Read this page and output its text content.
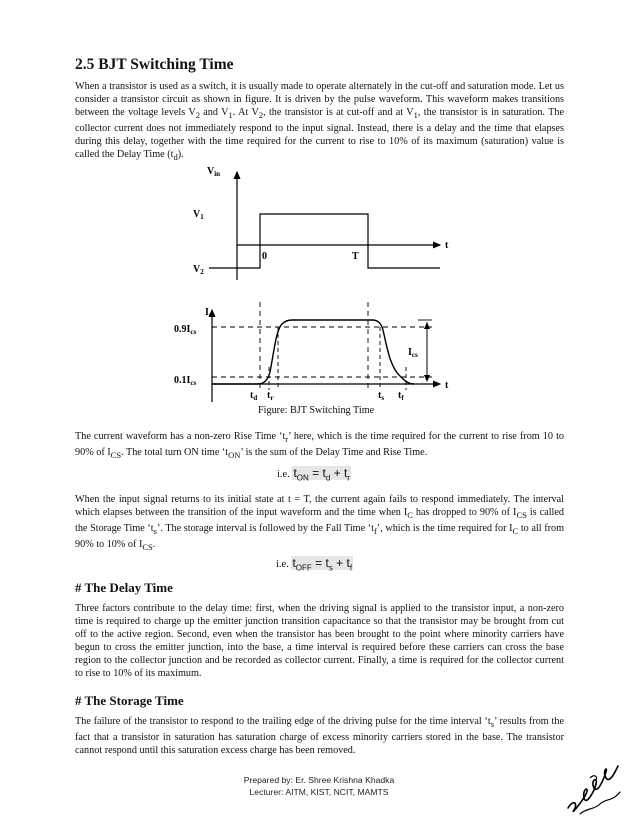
2.5 BJT Switching Time

When a transistor is used as a switch, it is usually made to operate alternately in the cut-off and saturation mode. Let us consider a transistor circuit as shown in figure. It is driven by the pulse waveform. This waveform makes transitions between the voltage levels $V_2$ and $V_1$. At $V_2$, the transistor is at cut-off and at $V_1$, the transistor is in saturation. The collector current does not immediately respond to the input signal. Instead, there is a delay and the time that elapses during this delay, together with the time required for the current to rise to 10% of its maximum (saturation) value is called the Delay Time $(t_d)$.

$V_{in}$
$V_1$
$V_2$
t
0	T
$I_c$
$0.9I_{cs}$
$0.1I_{cs}$
$I_{cs}$
t
$t_d$ $t_r$	$t_s$ $t_f$
Figure: BJT Switching Time

The current waveform has a non-zero Rise Time ‘$t_r$’ here, which is the time required for the current to rise from 10 to 90% of $I_{CS}$. The total turn ON time ‘$t_{ON}$’ is the sum of the Delay Time and Rise Time.

i.e. $t_{ON} = t_d + t_r$

When the input signal returns to its initial state at t = T, the current again fails to respond immediately. The interval which elapses between the transition of the input waveform and the time when $I_C$ has dropped to 90% of $I_{CS}$ is called the Storage Time ‘$t_s$’. The storage interval is followed by the Fall Time ‘$t_f$’, which is the time required for $I_C$ to all from 90% to 10% of $I_{CS}$.

i.e. $t_{OFF} = t_s + t_f$
# The Delay Time

Three factors contribute to the delay time: first, when the driving signal is applied to the transistor input, a non-zero time is required to charge up the emitter junction transition capacitance so that the transistor may be brought from cut off to the active region. Second, even when the transistor has been brought to the point where minority carriers have begun to cross the emitter junction, into the base, a time interval is required before these carriers can cross the base region to the collector junction and be recorded as collector current. Finally, a time is required for the collector current to rise to 10% of its maximum.

# The Storage Time

The failure of the transistor to respond to the trailing edge of the driving pulse for the time interval ‘$t_s$’ results from the fact that a transistor in saturation has saturation charge of excess minority carriers stored in the base. The transistor cannot respond until this saturation excess charge has been removed.

Prepared by: Er. Shree Krishna Khadka
Lecturer: AITM, KIST, NCIT, MAMTS
